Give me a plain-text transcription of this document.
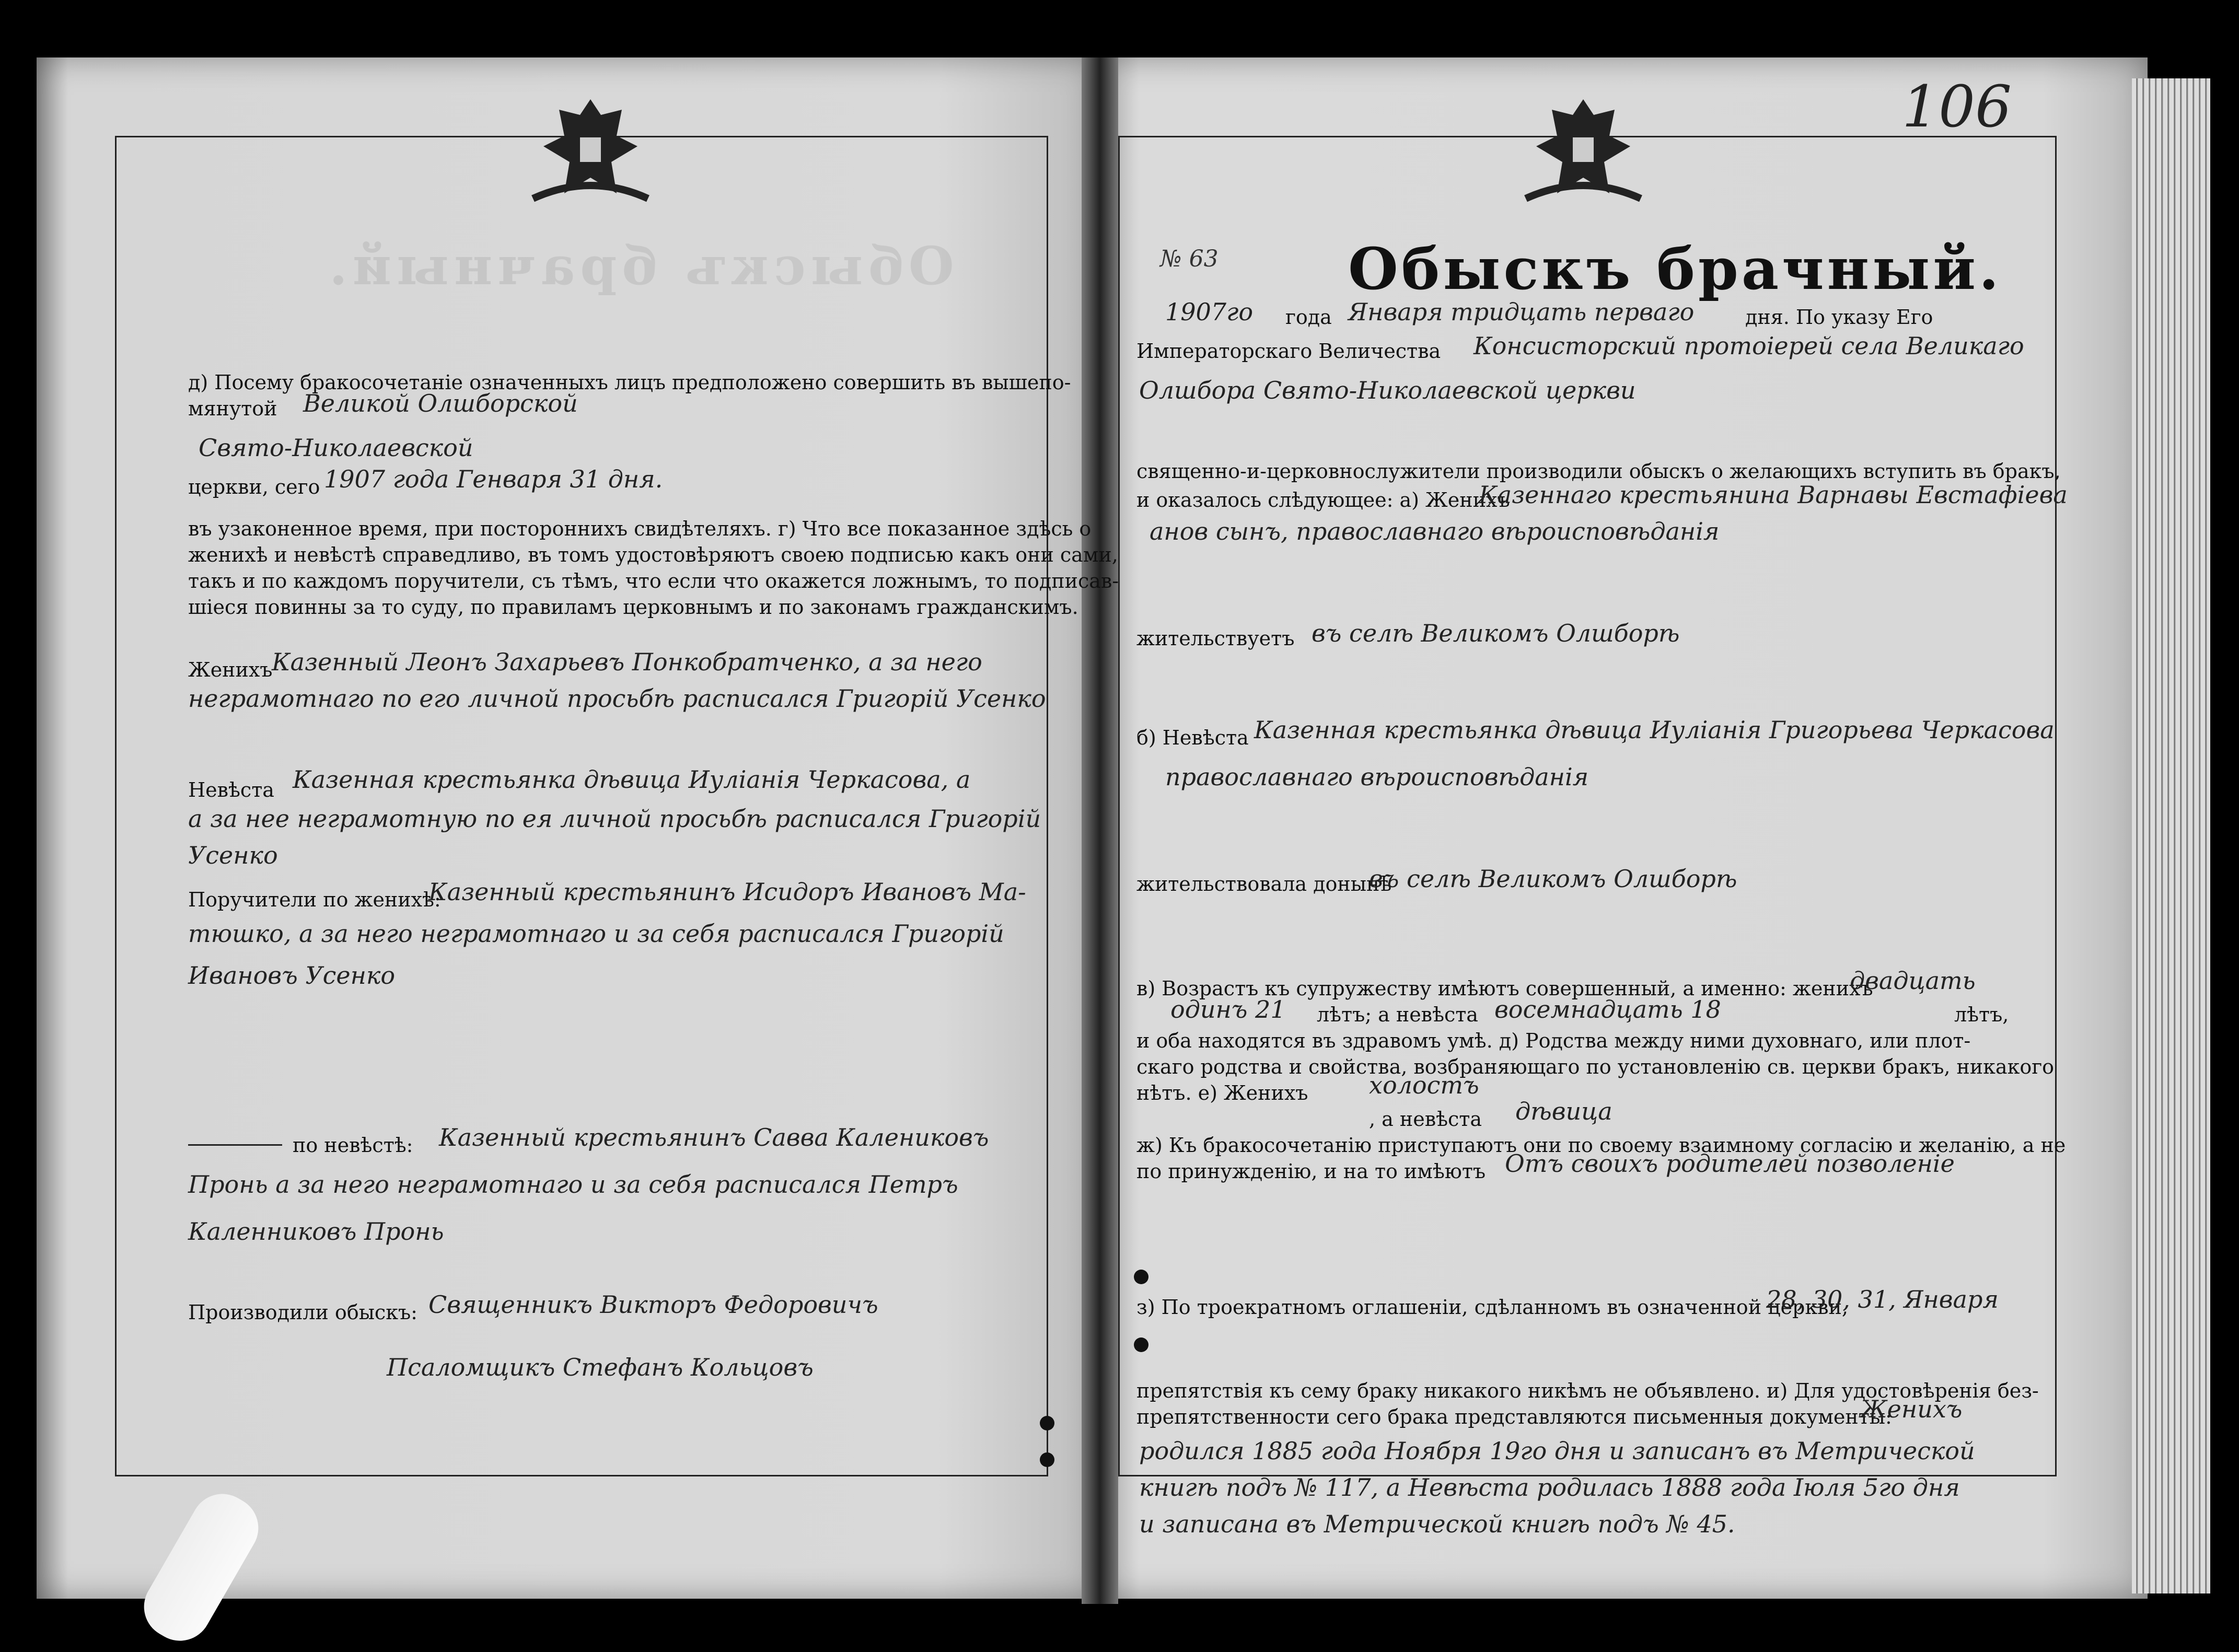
106
№ 63 Обыскъ брачный.
1907го года Января тридцать перваго	дня. По указу Его
Императорскаго Величества Консисторский протоіерей села Великаго
Олшбора Свято-Николаевской церкви
священно-и-церковнослужители производили обыскъ о желающихъ вступить въ бракъ,
и оказалось слѣдующее: а) Женихъ
Казеннаго крестьянина Варнавы Евстафіева
анов сынъ, православнаго вѣроисповѣданія
жительствуетъ въ селѣ Великомъ Олшборѣ
б) Невѣста Казенная крестьянка дѣвица Иуліанія Григорьева Черкасова
православнаго вѣроисповѣданія
жительствовала донынѣ
въ селѣ Великомъ Олшборѣ
в) Возрастъ къ супружеству имѣютъ совершенный, а именно: женихъ
двадцать
одинъ 21 лѣтъ; а невѣста восемнадцать 18	лѣтъ,
и оба находятся въ здравомъ умѣ. д) Родства между ними духовнаго, или плот-
скаго родства и свойства, возбраняющаго по установленію св. церкви бракъ, никакого
нѣтъ. е) Женихъ	холостъ
, а невѣста дѣвица
ж) Къ бракосочетанію приступаютъ они по своему взаимному согласію и желанію, а не
по принужденію, и на то имѣютъ Отъ своихъ родителей позволеніе
з) По троекратномъ оглашеніи, сдѣланномъ въ означенной церкви,
28, 30, 31, Января
препятствія къ сему браку никакого никѣмъ не объявлено. и) Для удостовѣренія без-
препятственности сего брака представляются письменныя документы:
Женихъ
родился 1885 года Ноября 19го дня и записанъ въ Метрической
книгѣ подъ № 117, а Невѣста родилась 1888 года Іюля 5го дня
и записана въ Метрической книгѣ подъ № 45.
Обыскъ брачный.
д) Посему бракосочетаніе означенныхъ лицъ предположено совершить въ вышепо-
мянутой Великой Олшборской
Свято-Николаевской
церкви, сего 1907 года Генваря 31 дня.
въ узаконенное время, при постороннихъ свидѣтеляхъ. г) Что все показанное здѣсь о
женихѣ и невѣстѣ справедливо, въ томъ удостовѣряютъ своею подписью какъ они сами,
такъ и по каждомъ поручители, съ тѣмъ, что если что окажется ложнымъ, то подписав-
шіеся повинны за то суду, по правиламъ церковнымъ и по законамъ гражданскимъ.
Женихъ
Казенный Леонъ Захарьевъ Понкобратченко, а за него
неграмотнаго по его личной просьбѣ расписался Григорій Усенко
Невѣста Казенная крестьянка дѣвица Иуліанія Черкасова, а
а за нее неграмотную по ея личной просьбѣ расписался Григорій
Усенко
Поручители по женихѣ:
Казенный крестьянинъ Исидоръ Ивановъ Ма-
тюшко, а за него неграмотнаго и за себя расписался Григорій
Ивановъ Усенко
по невѣстѣ: Казенный крестьянинъ Савва Калениковъ
Пронь а за него неграмотнаго и за себя расписался Петръ
Каленниковъ Пронь
Производили обыскъ: Священникъ Викторъ Федоровичъ
Псаломщикъ Стефанъ Кольцовъ
